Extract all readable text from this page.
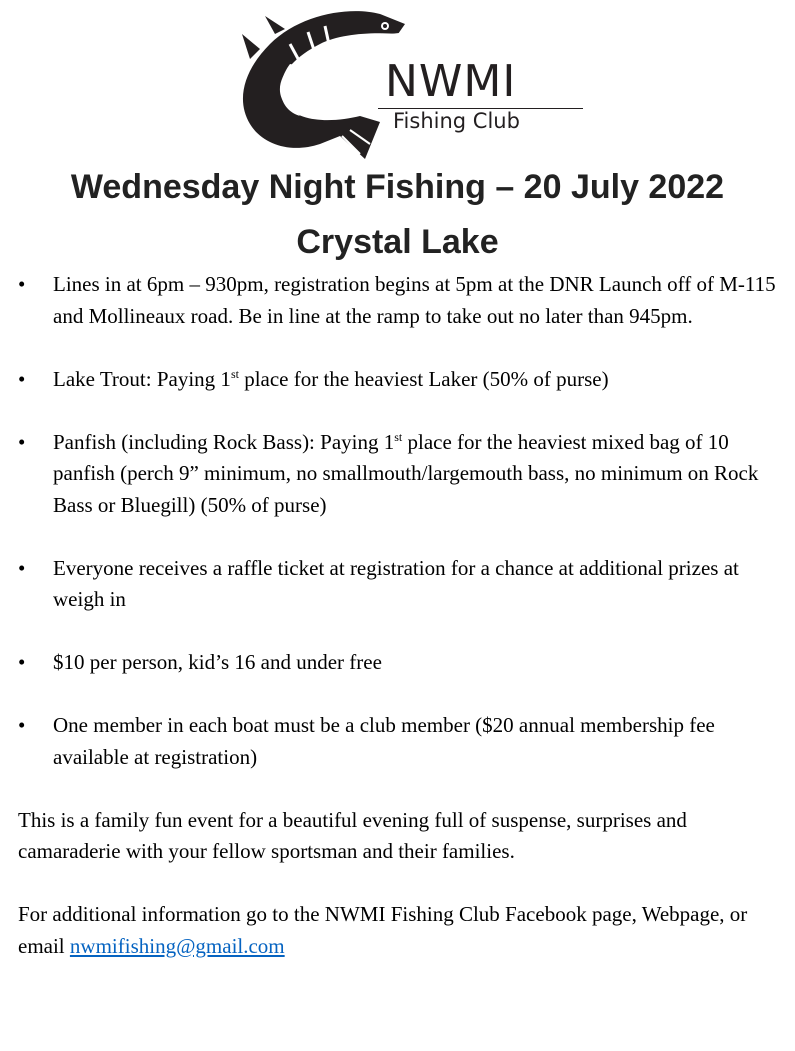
NWMI
Fishing Club
Wednesday Night Fishing – 20 July 2022
Crystal Lake
• Lines in at 6pm – 930pm, registration begins at 5pm at the DNR Launch off of M-115 and Mollineaux road. Be in line at the ramp to take out no later than 945pm.
• Lake Trout: Paying 1st place for the heaviest Laker (50% of purse)
• Panfish (including Rock Bass): Paying 1st place for the heaviest mixed bag of 10 panfish (perch 9” minimum, no smallmouth/largemouth bass, no minimum on Rock Bass or Bluegill) (50% of purse)
• Everyone receives a raffle ticket at registration for a chance at additional prizes at weigh in
• $10 per person, kid’s 16 and under free
• One member in each boat must be a club member ($20 annual membership fee available at registration)

This is a family fun event for a beautiful evening full of suspense, surprises and camaraderie with your fellow sportsman and their families.

For additional information go to the NWMI Fishing Club Facebook page, Webpage, or email nwmifishing@gmail.com
